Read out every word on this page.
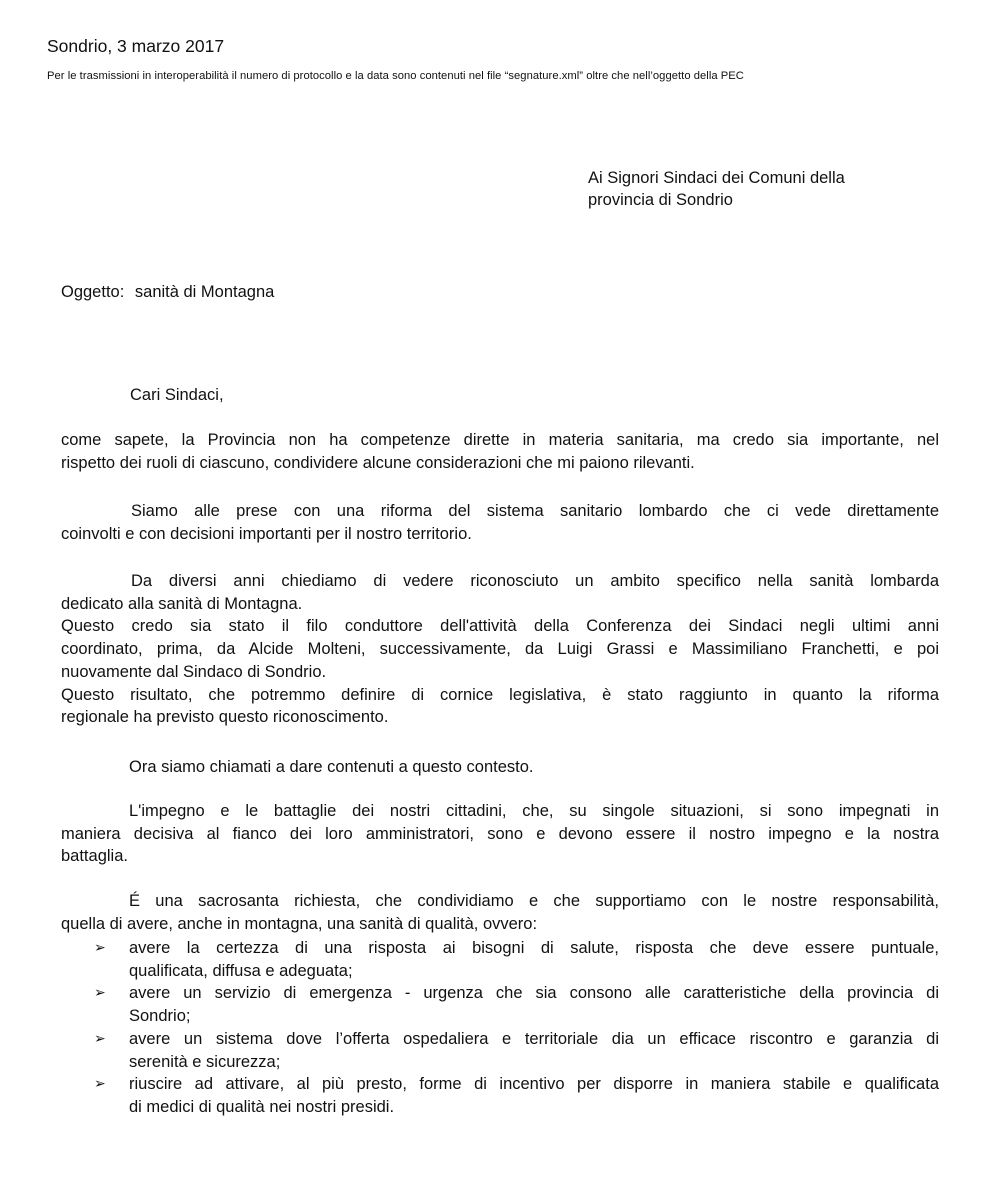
Sondrio, 3 marzo 2017
Per le trasmissioni in interoperabilità il numero di protocollo e la data sono contenuti nel file “segnature.xml” oltre che nell’oggetto della PEC
Ai Signori Sindaci dei Comuni della
provincia di Sondrio
Oggetto: sanità di Montagna
Cari Sindaci,
come sapete, la Provincia non ha competenze dirette in materia sanitaria, ma credo sia importante, nel
rispetto dei ruoli di ciascuno, condividere alcune considerazioni che mi paiono rilevanti.
Siamo alle prese con una riforma del sistema sanitario lombardo che ci vede direttamente
coinvolti e con decisioni importanti per il nostro territorio.
Da diversi anni chiediamo di vedere riconosciuto un ambito specifico nella sanità lombarda
dedicato alla sanità di Montagna.
Questo credo sia stato il filo conduttore dell'attività della Conferenza dei Sindaci negli ultimi anni
coordinato, prima, da Alcide Molteni, successivamente, da Luigi Grassi e Massimiliano Franchetti, e poi
nuovamente dal Sindaco di Sondrio.
Questo risultato, che potremmo definire di cornice legislativa, è stato raggiunto in quanto la riforma
regionale ha previsto questo riconoscimento.
Ora siamo chiamati a dare contenuti a questo contesto.
L'impegno e le battaglie dei nostri cittadini, che, su singole situazioni, si sono impegnati in
maniera decisiva al fianco dei loro amministratori, sono e devono essere il nostro impegno e la nostra
battaglia.
É una sacrosanta richiesta, che condividiamo e che supportiamo con le nostre responsabilità,
quella di avere, anche in montagna, una sanità di qualità, ovvero:
➢ avere la certezza di una risposta ai bisogni di salute, risposta che deve essere puntuale,
qualificata, diffusa e adeguata;
➢ avere un servizio di emergenza - urgenza che sia consono alle caratteristiche della provincia di
Sondrio;
➢ avere un sistema dove l’offerta ospedaliera e territoriale dia un efficace riscontro e garanzia di
serenità e sicurezza;
➢ riuscire ad attivare, al più presto, forme di incentivo per disporre in maniera stabile e qualificata
di medici di qualità nei nostri presidi.
